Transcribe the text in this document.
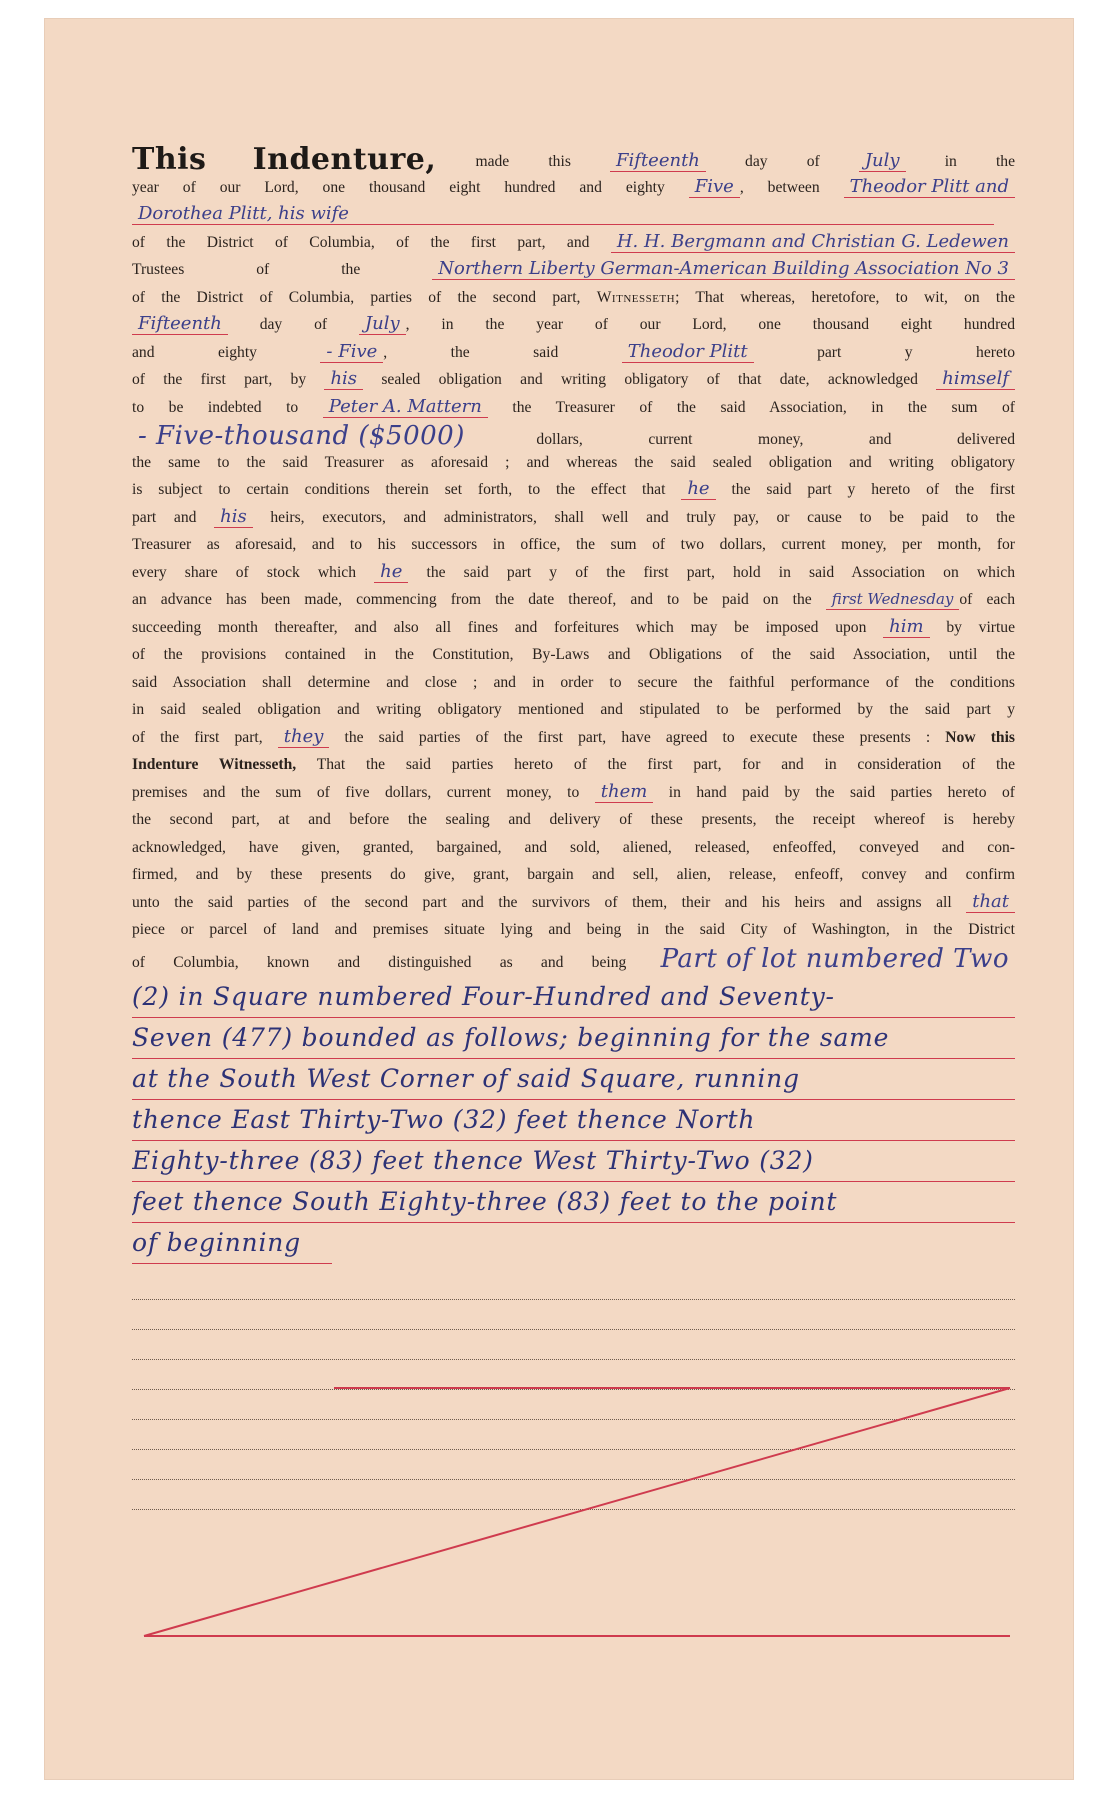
This Indenture, made this	Fifteenth	day of	July	in the
year of our Lord, one thousand eight hundred and eighty Five , between Theodor Plitt and
Dorothea Plitt, his wife
of the District of Columbia, of the first part, and H. H. Bergmann and Christian G. Ledewen
Trustees of the	Northern Liberty German-American Building Association No 3
of the District of Columbia, parties of the second part, Witnesseth; That whereas, heretofore, to wit, on the
Fifteenth day of July , in the year of our Lord, one thousand eight hundred
and eighty	- Five , the said	Theodor Plitt	part y hereto
of the first part, by his sealed obligation and writing obligatory of that date, acknowledged himself
to be indebted to Peter A. Mattern the Treasurer of the said Association, in the sum of
- Five-thousand ($5000)	dollars, current money, and delivered
the same to the said Treasurer as aforesaid ; and whereas the said sealed obligation and writing obligatory
is subject to certain conditions therein set forth, to the effect that he the said part y hereto of the first
part and his heirs, executors, and administrators, shall well and truly pay, or cause to be paid to the
Treasurer as aforesaid, and to his successors in office, the sum of two dollars, current money, per month, for
every share of stock which he the said part y of the first part, hold in said Association on which
an advance has been made, commencing from the date thereof, and to be paid on the first Wednesday of each
succeeding month thereafter, and also all fines and forfeitures which may be imposed upon him by virtue
of the provisions contained in the Constitution, By-Laws and Obligations of the said Association, until the
said Association shall determine and close ; and in order to secure the faithful performance of the conditions
in said sealed obligation and writing obligatory mentioned and stipulated to be performed by the said part y
of the first part, they the said parties of the first part, have agreed to execute these presents : Now this
Indenture Witnesseth, That the said parties hereto of the first part, for and in consideration of the
premises and the sum of five dollars, current money, to them in hand paid by the said parties hereto of
the second part, at and before the sealing and delivery of these presents, the receipt whereof is hereby
acknowledged, have given, granted, bargained, and sold, aliened, released, enfeoffed, conveyed and con-
firmed, and by these presents do give, grant, bargain and sell, alien, release, enfeoff, convey and confirm
unto the said parties of the second part and the survivors of them, their and his heirs and assigns all that
piece or parcel of land and premises situate lying and being in the said City of Washington, in the District
of Columbia, known and distinguished as and being Part of lot numbered Two
(2) in Square numbered Four-Hundred and Seventy-
Seven (477) bounded as follows; beginning for the same
at the South West Corner of said Square, running
thence East Thirty-Two (32) feet thence North
Eighty-three (83) feet thence West Thirty-Two (32)
feet thence South Eighty-three (83) feet to the point
of beginning
